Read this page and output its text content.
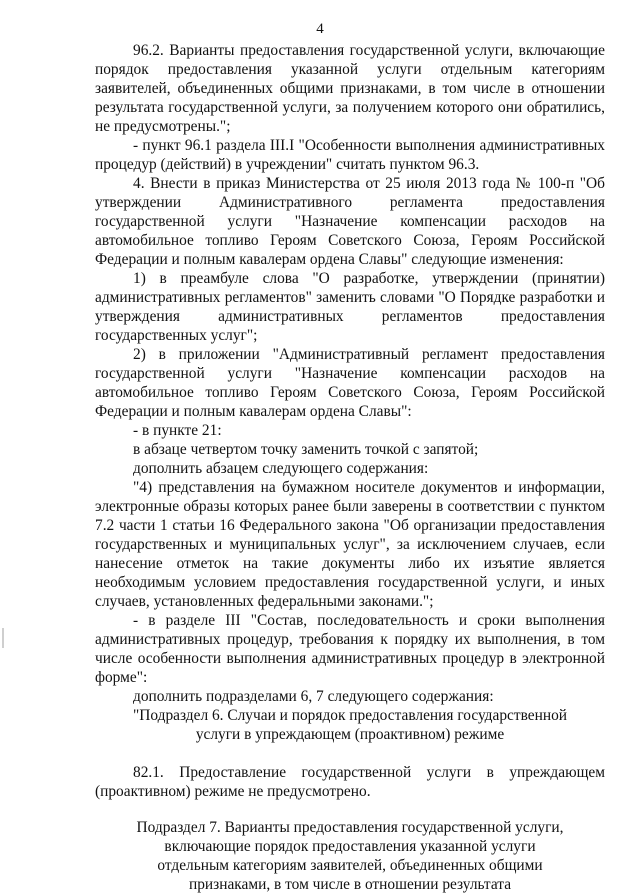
4

96.2. Варианты предоставления государственной услуги, включающие порядок предоставления указанной услуги отдельным категориям заявителей, объединенных общими признаками, в том числе в отношении результата государственной услуги, за получением которого они обратились, не предусмотрены.";

- пункт 96.1 раздела III.I "Особенности выполнения административных процедур (действий) в учреждении" считать пунктом 96.3.

4. Внести в приказ Министерства от 25 июля 2013 года № 100-п "Об утверждении Административного регламента предоставления государственной услуги "Назначение компенсации расходов на автомобильное топливо Героям Советского Союза, Героям Российской Федерации и полным кавалерам ордена Славы" следующие изменения:

1) в преамбуле слова "О разработке, утверждении (принятии) административных регламентов" заменить словами "О Порядке разработки и утверждения административных регламентов предоставления государственных услуг";

2) в приложении "Административный регламент предоставления государственной услуги "Назначение компенсации расходов на автомобильное топливо Героям Советского Союза, Героям Российской Федерации и полным кавалерам ордена Славы":

- в пункте 21:

в абзаце четвертом точку заменить точкой с запятой;

дополнить абзацем следующего содержания:

"4) представления на бумажном носителе документов и информации, электронные образы которых ранее были заверены в соответствии с пунктом 7.2 части 1 статьи 16 Федерального закона "Об организации предоставления государственных и муниципальных услуг", за исключением случаев, если нанесение отметок на такие документы либо их изъятие является необходимым условием предоставления государственной услуги, и иных случаев, установленных федеральными законами.";

- в разделе III "Состав, последовательность и сроки выполнения административных процедур, требования к порядку их выполнения, в том числе особенности выполнения административных процедур в электронной форме":

дополнить подразделами 6, 7 следующего содержания:

"Подраздел 6. Случаи и порядок предоставления государственной услуги в упреждающем (проактивном) режиме

82.1. Предоставление государственной услуги в упреждающем (проактивном) режиме не предусмотрено.

Подраздел 7. Варианты предоставления государственной услуги, включающие порядок предоставления указанной услуги отдельным категориям заявителей, объединенных общими признаками, в том числе в отношении результата
